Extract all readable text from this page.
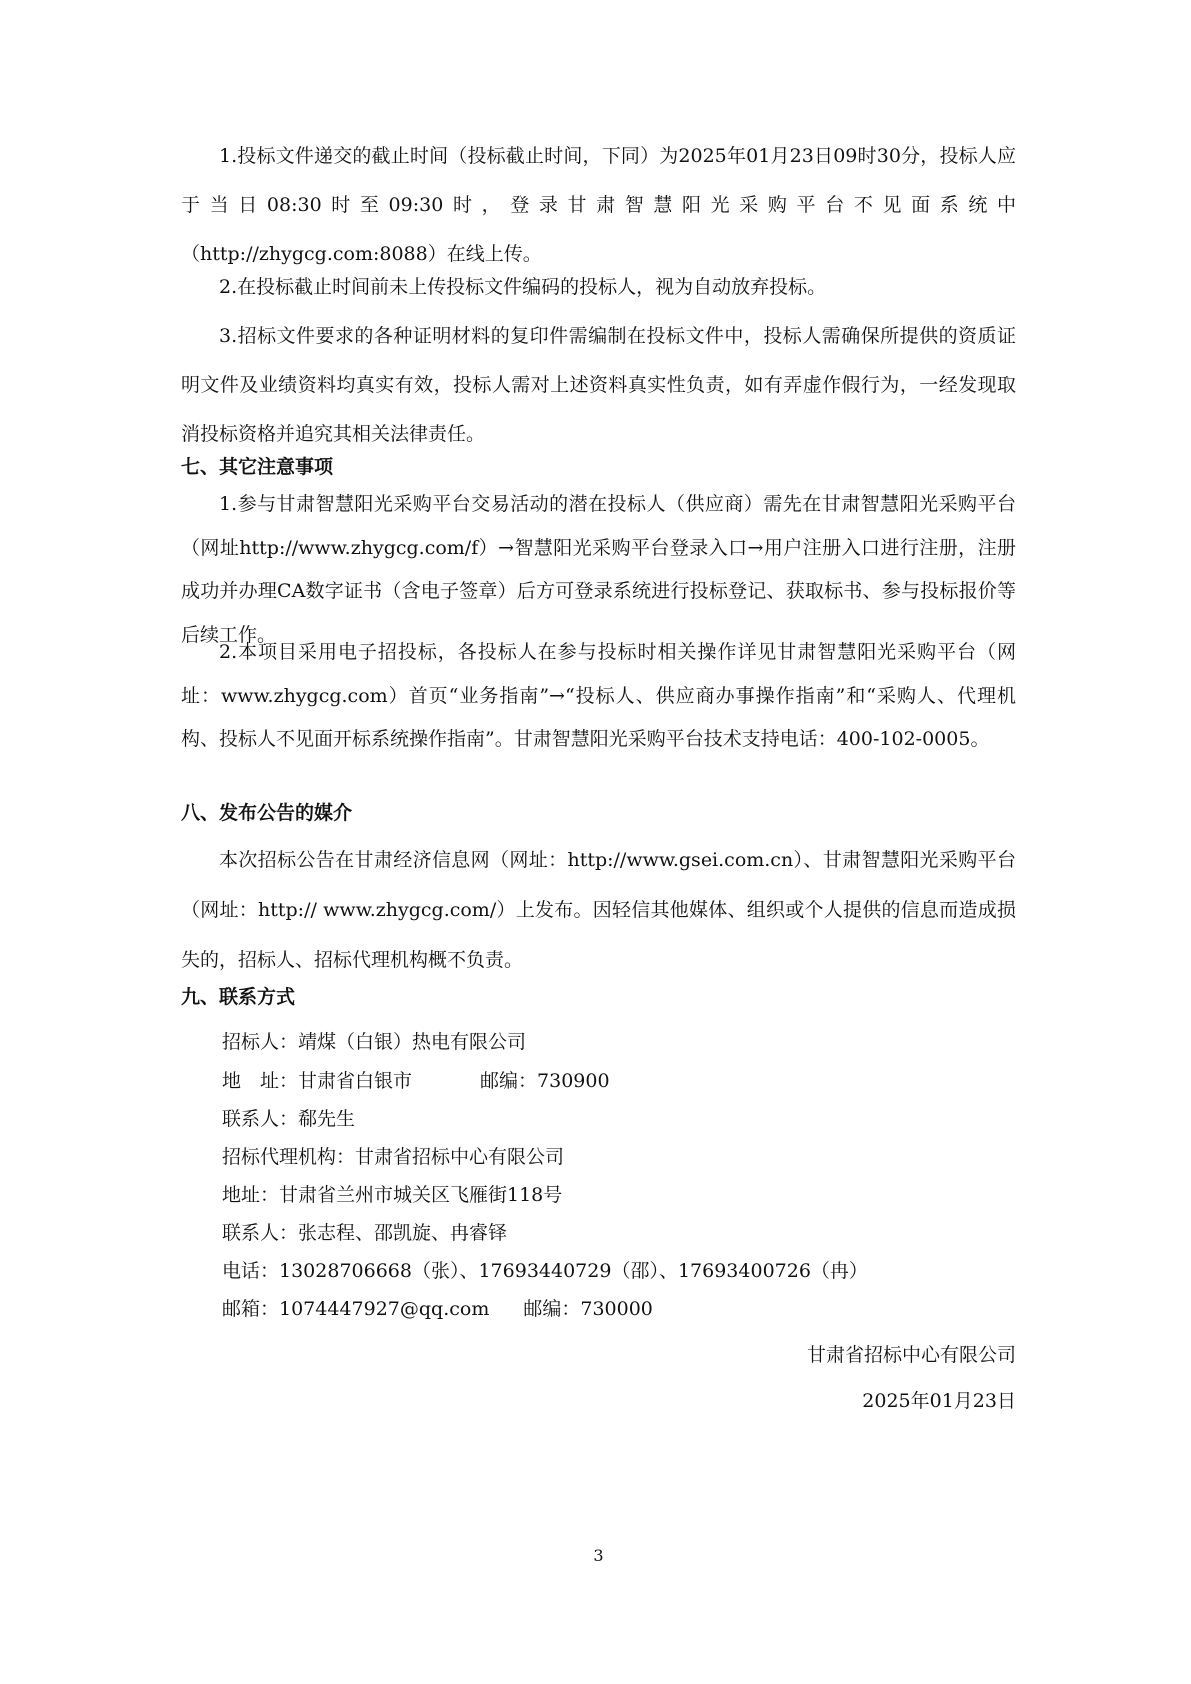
1.投标文件递交的截止时间（投标截止时间，下同）为2025年01月23日09时30分，投标人应于当日08:30时至09:30时，登录甘肃智慧阳光采购平台不见面系统中（http://zhygcg.com:8088）在线上传。

2.在投标截止时间前未上传投标文件编码的投标人，视为自动放弃投标。

3.招标文件要求的各种证明材料的复印件需编制在投标文件中，投标人需确保所提供的资质证明文件及业绩资料均真实有效，投标人需对上述资料真实性负责，如有弄虚作假行为，一经发现取消投标资格并追究其相关法律责任。

七、其它注意事项

1.参与甘肃智慧阳光采购平台交易活动的潜在投标人（供应商）需先在甘肃智慧阳光采购平台（网址http://www.zhygcg.com/f）→智慧阳光采购平台登录入口→用户注册入口进行注册，注册成功并办理CA数字证书（含电子签章）后方可登录系统进行投标登记、获取标书、参与投标报价等后续工作。

2.本项目采用电子招投标，各投标人在参与投标时相关操作详见甘肃智慧阳光采购平台（网址：www.zhygcg.com）首页“业务指南”→“投标人、供应商办事操作指南”和“采购人、代理机构、投标人不见面开标系统操作指南”。甘肃智慧阳光采购平台技术支持电话：400-102-0005。

八、发布公告的媒介

本次招标公告在甘肃经济信息网（网址：http://www.gsei.com.cn）、甘肃智慧阳光采购平台（网址：http:// www.zhygcg.com/）上发布。因轻信其他媒体、组织或个人提供的信息而造成损失的，招标人、招标代理机构概不负责。

九、联系方式

招标人：靖煤（白银）热电有限公司

地　址：甘肃省白银市	邮编：730900

联系人：郗先生

招标代理机构：甘肃省招标中心有限公司

地址：甘肃省兰州市城关区飞雁街118号

联系人：张志程、邵凯旋、冉睿铎

电话：13028706668（张）、17693440729（邵）、17693400726（冉）

邮箱：1074447927@qq.com 邮编：730000

甘肃省招标中心有限公司

2025年01月23日

3
